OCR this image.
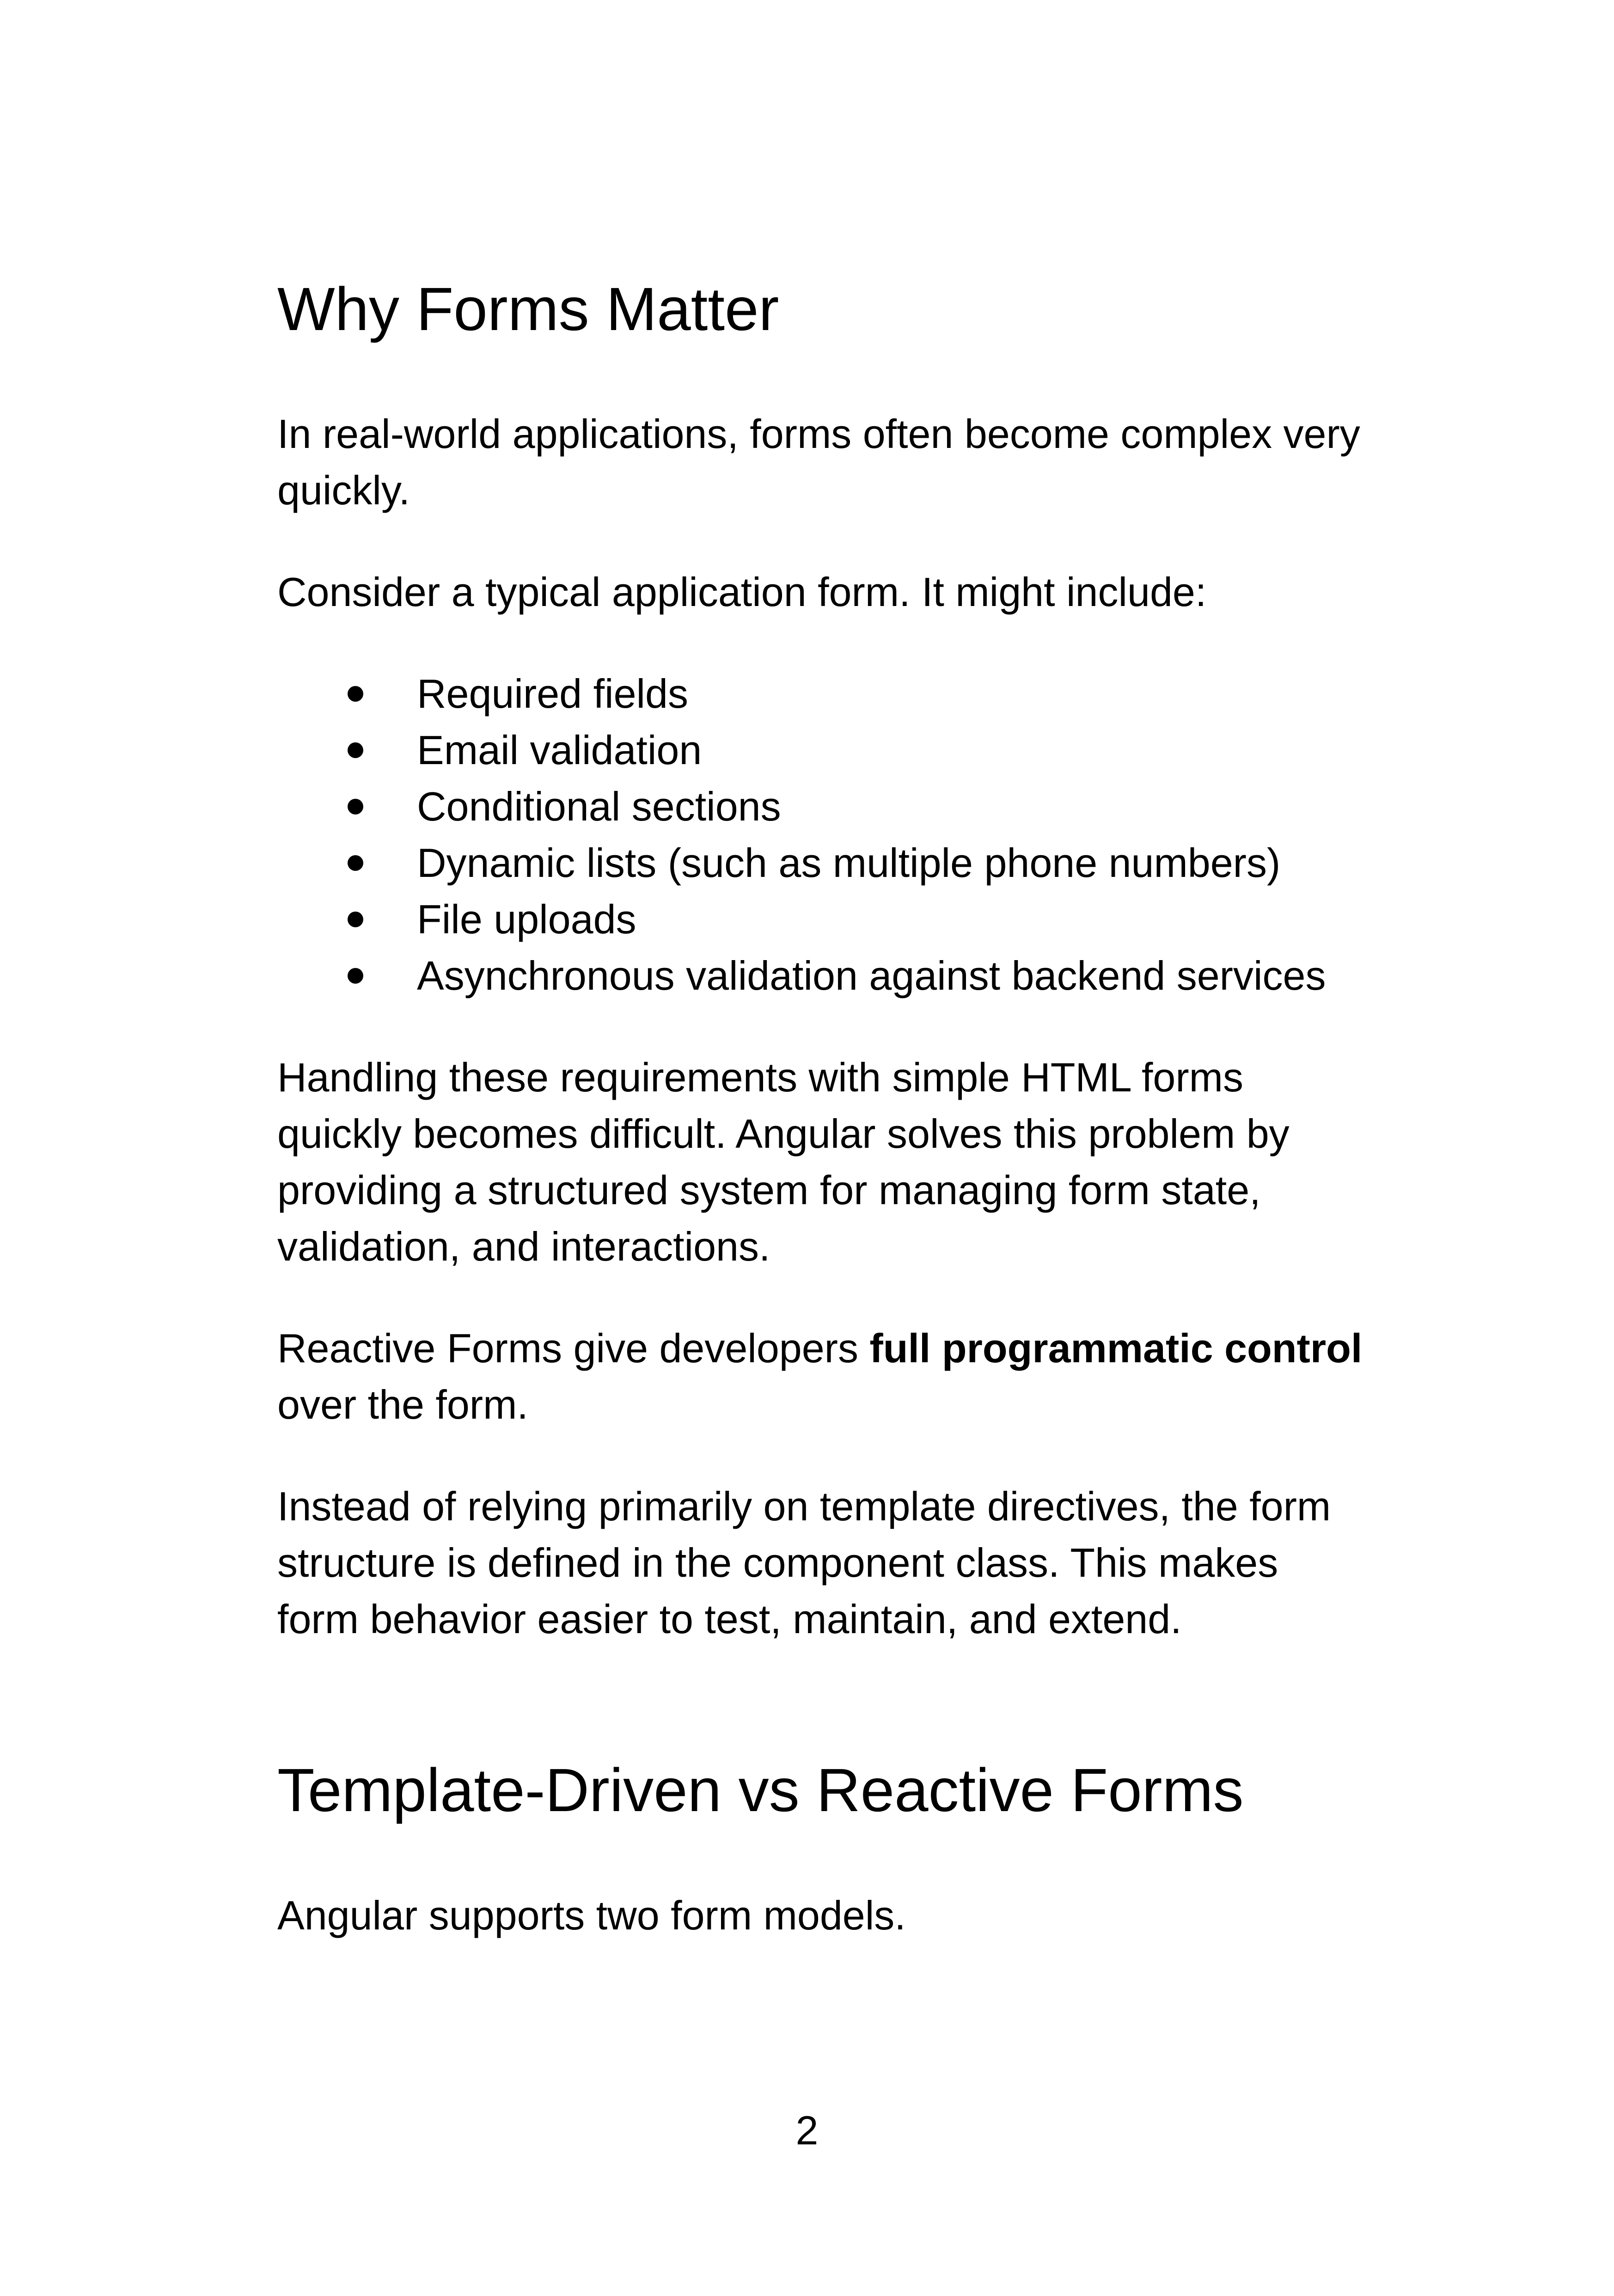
Why Forms Matter

In real-world applications, forms often become complex very quickly.

Consider a typical application form. It might include:

Required fields
Email validation
Conditional sections
Dynamic lists (such as multiple phone numbers)
File uploads
Asynchronous validation against backend services

Handling these requirements with simple HTML forms quickly becomes difficult. Angular solves this problem by providing a structured system for managing form state, validation, and interactions.

Reactive Forms give developers full programmatic control over the form.

Instead of relying primarily on template directives, the form structure is defined in the component class. This makes form behavior easier to test, maintain, and extend.

Template-Driven vs Reactive Forms

Angular supports two form models.

2
